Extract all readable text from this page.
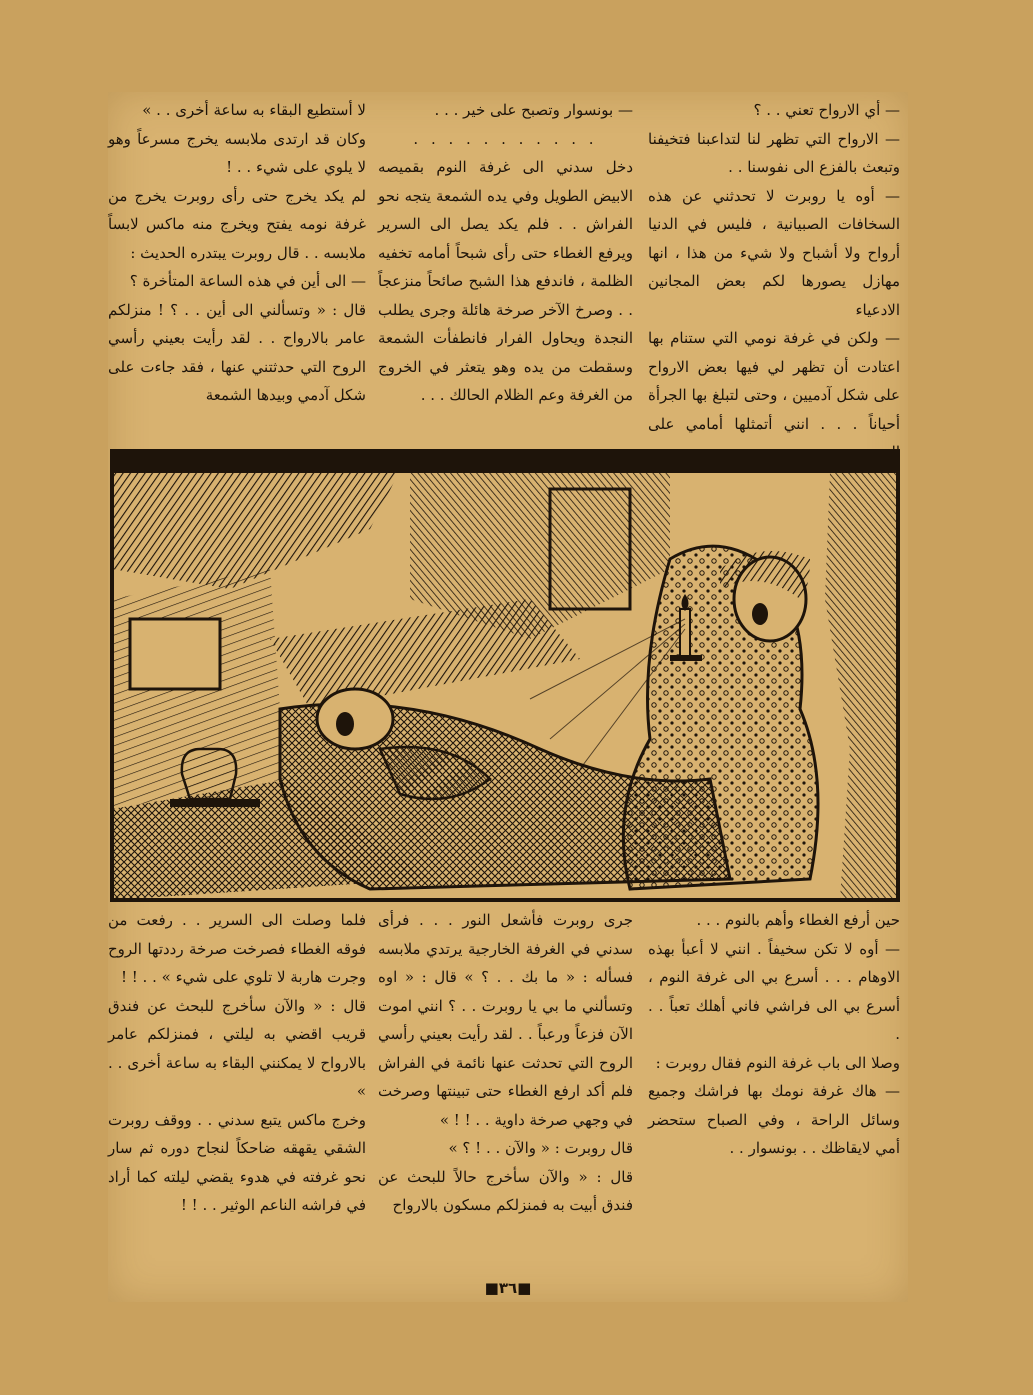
— أي الارواح تعني . . ؟

— الارواح التي تظهر لنا لتداعبنا فتخيفنا وتبعث بالفزع الى نفوسنا . .

— أوه يا روبرت لا تحدثني عن هذه السخافات الصبيانية ، فليس في الدنيا أرواح ولا أشباح ولا شيء من هذا ، انها مهازل يصورها لكم بعض المجانين الادعياء

— ولكن في غرفة نومي التي ستنام بها اعتادت أن تظهر لي فيها بعض الارواح على شكل آدميين ، وحتى لتبلغ بها الجرأة أحياناً . . . انني أتمثلها أمامي على

— بونسوار وتصبح على خير . . .

. . . . . . . . . . .

دخل سدني الى غرفة النوم بقميصه الابيض الطويل وفي يده الشمعة يتجه نحو الفراش . . فلم يكد يصل الى السرير ويرفع الغطاء حتى رأى شبحاً أمامه تخفيه الظلمة ، فاندفع هذا الشبح صائحاً منزعجاً . . وصرخ الآخر صرخة هائلة وجرى يطلب النجدة ويحاول الفرار فانطفأت الشمعة وسقطت من يده وهو يتعثر في الخروج من الغرفة وعم الظلام الحالك . . .

لا أستطيع البقاء به ساعة أخرى . . »

وكان قد ارتدى ملابسه يخرج مسرعاً وهو لا يلوي على شيء . . !

لم يكد يخرج حتى رأى روبرت يخرج من غرفة نومه يفتح ويخرج منه ماكس لابساً ملابسه . . قال روبرت يبتدره الحديث :

— الى أين في هذه الساعة المتأخرة ؟

قال : « وتسألني الى أين . . ؟ ! منزلكم عامر بالارواح . . لقد رأيت بعيني رأسي الروح التي حدثتني عنها ، فقد جاءت على شكل آدمي وبيدها الشمعة

حين أرفع الغطاء وأهم بالنوم . . .

— أوه لا تكن سخيفاً . انني لا أعبأ بهذه الاوهام . . . أسرع بي الى غرفة النوم ، أسرع بي الى فراشي فاني أهلك تعباً . . .

وصلا الى باب غرفة النوم فقال روبرت :

— هاك غرفة نومك بها فراشك وجميع وسائل الراحة ، وفي الصباح ستحضر أمي لايقاظك . . بونسوار . .

جرى روبرت فأشعل النور . . . فرأى سدني في الغرفة الخارجية يرتدي ملابسه فسأله : « ما بك . . ؟ » قال : « اوه وتسألني ما بي يا روبرت . . ؟ انني اموت الآن فزعاً ورعباً . . لقد رأيت بعيني رأسي الروح التي تحدثت عنها نائمة في الفراش فلم أكد ارفع الغطاء حتى تبينتها وصرخت في وجهي صرخة داوية . . ! ! »

قال روبرت : « والآن . . ! ؟ »

قال : « والآن سأخرج حالاً للبحث عن فندق أبيت به فمنزلكم مسكون بالارواح

فلما وصلت الى السرير . . رفعت من فوقه الغطاء فصرخت صرخة رددتها الروح وجرت هاربة لا تلوي على شيء » . . ! !

قال : « والآن سأخرج للبحث عن فندق قريب اقضي به ليلتي ، فمنزلكم عامر بالارواح لا يمكنني البقاء به ساعة أخرى . . »

وخرج ماكس يتبع سدني . . ووقف روبرت الشقي يقهقه ضاحكاً لنجاح دوره ثم سار نحو غرفته في هدوء يقضي ليلته كما أراد في فراشه الناعم الوثير . . ! !

■٣٦■
